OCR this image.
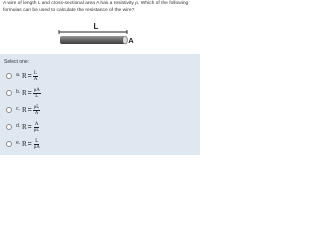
A wire of length L and cross-sectional area A has a resistivity ρ. Which of the following formulas can be used to calculate the resistance of the wire?
L
A
Select one:
a. $R = \frac{L}{A}$
b. $R = \frac{\rho A}{L}$
c. $R = \frac{\rho L}{A}$
d. $R = \frac{A}{\rho L}$
e. $R = \frac{L}{\rho A}$
